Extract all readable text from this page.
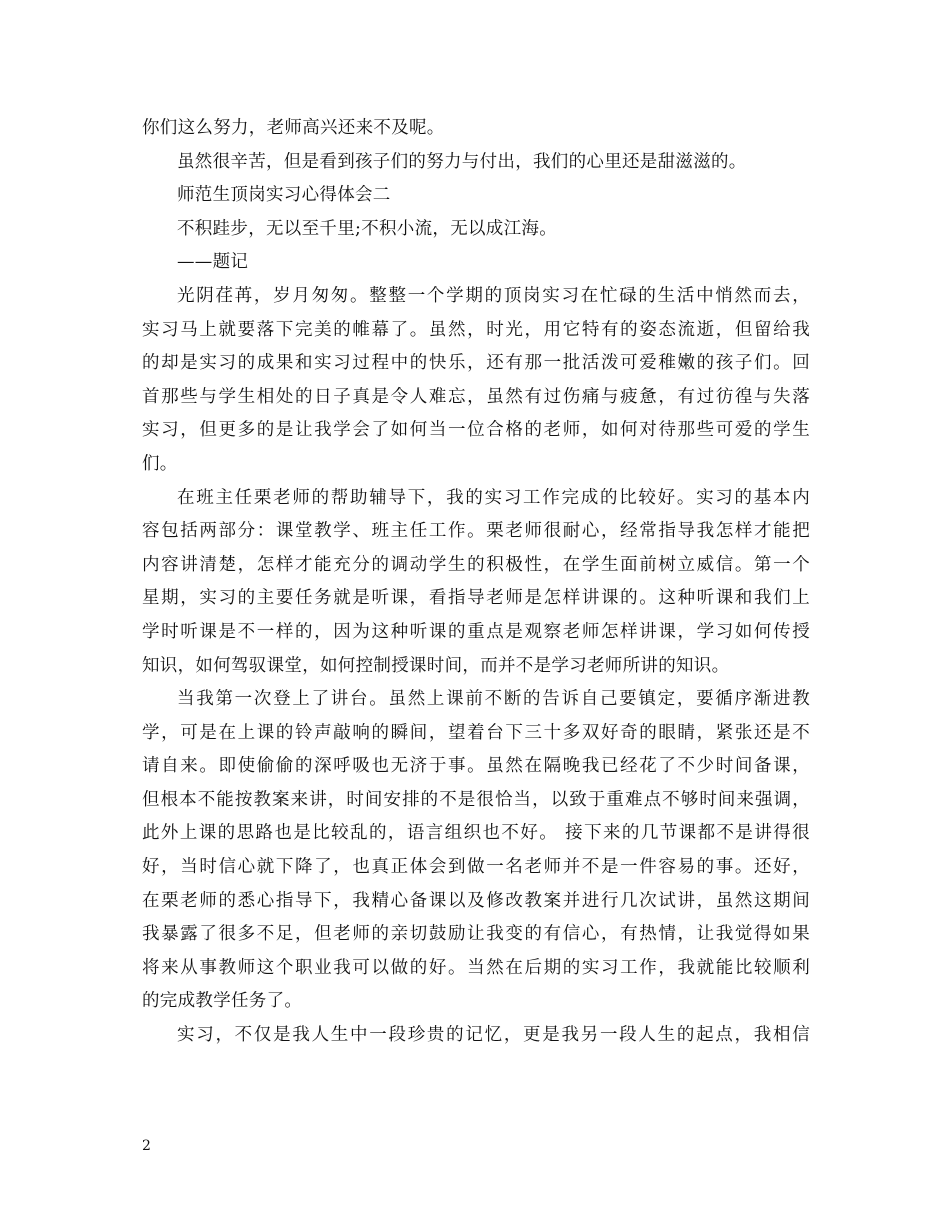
你们这么努力，老师高兴还来不及呢。
虽然很辛苦，但是看到孩子们的努力与付出，我们的心里还是甜滋滋的。
师范生顶岗实习心得体会二
不积跬步，无以至千里;不积小流，无以成江海。
——题记
光阴荏苒，岁月匆匆。整整一个学期的顶岗实习在忙碌的生活中悄然而去，
实习马上就要落下完美的帷幕了。虽然，时光，用它特有的姿态流逝，但留给我
的却是实习的成果和实习过程中的快乐，还有那一批活泼可爱稚嫩的孩子们。回
首那些与学生相处的日子真是令人难忘，虽然有过伤痛与疲惫，有过彷徨与失落
实习，但更多的是让我学会了如何当一位合格的老师，如何对待那些可爱的学生
们。
在班主任栗老师的帮助辅导下，我的实习工作完成的比较好。实习的基本内
容包括两部分：课堂教学、班主任工作。栗老师很耐心，经常指导我怎样才能把
内容讲清楚，怎样才能充分的调动学生的积极性，在学生面前树立威信。第一个
星期，实习的主要任务就是听课，看指导老师是怎样讲课的。这种听课和我们上
学时听课是不一样的，因为这种听课的重点是观察老师怎样讲课，学习如何传授
知识，如何驾驭课堂，如何控制授课时间，而并不是学习老师所讲的知识。
当我第一次登上了讲台。虽然上课前不断的告诉自己要镇定，要循序渐进教
学，可是在上课的铃声敲响的瞬间，望着台下三十多双好奇的眼睛，紧张还是不
请自来。即使偷偷的深呼吸也无济于事。虽然在隔晚我已经花了不少时间备课，
但根本不能按教案来讲，时间安排的不是很恰当，以致于重难点不够时间来强调，
此外上课的思路也是比较乱的，语言组织也不好。 接下来的几节课都不是讲得很
好，当时信心就下降了，也真正体会到做一名老师并不是一件容易的事。还好，
在栗老师的悉心指导下，我精心备课以及修改教案并进行几次试讲，虽然这期间
我暴露了很多不足，但老师的亲切鼓励让我变的有信心，有热情，让我觉得如果
将来从事教师这个职业我可以做的好。当然在后期的实习工作，我就能比较顺利
的完成教学任务了。
实习，不仅是我人生中一段珍贵的记忆，更是我另一段人生的起点，我相信
2
